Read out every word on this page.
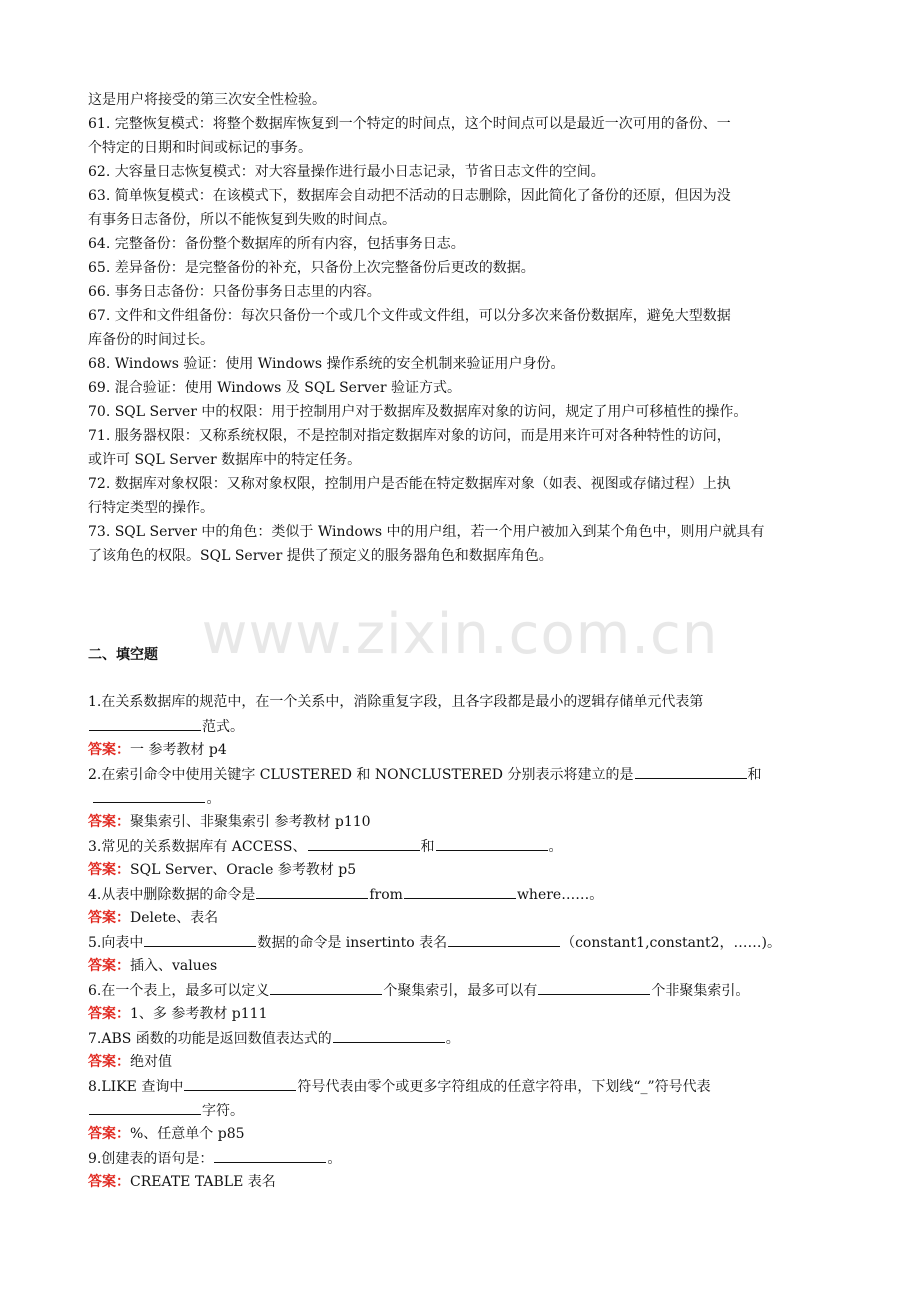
www.zixin.com.cn
这是用户将接受的第三次安全性检验。
61. 完整恢复模式：将整个数据库恢复到一个特定的时间点，这个时间点可以是最近一次可用的备份、一
个特定的日期和时间或标记的事务。
62. 大容量日志恢复模式：对大容量操作进行最小日志记录，节省日志文件的空间。
63. 简单恢复模式：在该模式下，数据库会自动把不活动的日志删除，因此简化了备份的还原，但因为没
有事务日志备份，所以不能恢复到失败的时间点。
64. 完整备份：备份整个数据库的所有内容，包括事务日志。
65. 差异备份：是完整备份的补充，只备份上次完整备份后更改的数据。
66. 事务日志备份：只备份事务日志里的内容。
67. 文件和文件组备份：每次只备份一个或几个文件或文件组，可以分多次来备份数据库，避免大型数据
库备份的时间过长。
68. Windows 验证：使用 Windows 操作系统的安全机制来验证用户身份。
69. 混合验证：使用 Windows 及 SQL Server 验证方式。
70. SQL Server 中的权限：用于控制用户对于数据库及数据库对象的访问，规定了用户可移植性的操作。
71. 服务器权限：又称系统权限，不是控制对指定数据库对象的访问，而是用来许可对各种特性的访问，
或许可 SQL Server 数据库中的特定任务。
72. 数据库对象权限：又称对象权限，控制用户是否能在特定数据库对象（如表、视图或存储过程）上执
行特定类型的操作。
73. SQL Server 中的角色：类似于 Windows 中的用户组，若一个用户被加入到某个角色中，则用户就具有
了该角色的权限。SQL Server 提供了预定义的服务器角色和数据库角色。
二、填空题
1.在关系数据库的规范中，在一个关系中，消除重复字段，且各字段都是最小的逻辑存储单元代表第
范式。
答案：一 参考教材 p4
2.在索引命令中使用关键字 CLUSTERED 和 NONCLUSTERED 分别表示将建立的是	和
。
答案：聚集索引、非聚集索引 参考教材 p110
3.常见的关系数据库有 ACCESS、	和	。
答案：SQL Server、Oracle 参考教材 p5
4.从表中删除数据的命令是	from	where……。
答案：Delete、表名
5.向表中	数据的命令是 insertinto 表名	（constant1,constant2，……)。
答案：插入、values
6.在一个表上，最多可以定义	个聚集索引，最多可以有	个非聚集索引。
答案：1、多 参考教材 p111
7.ABS 函数的功能是返回数值表达式的	。
答案：绝对值
8.LIKE 查询中	符号代表由零个或更多字符组成的任意字符串，下划线“_”符号代表
字符。
答案：%、任意单个 p85
9.创建表的语句是：	。
答案：CREATE TABLE 表名
